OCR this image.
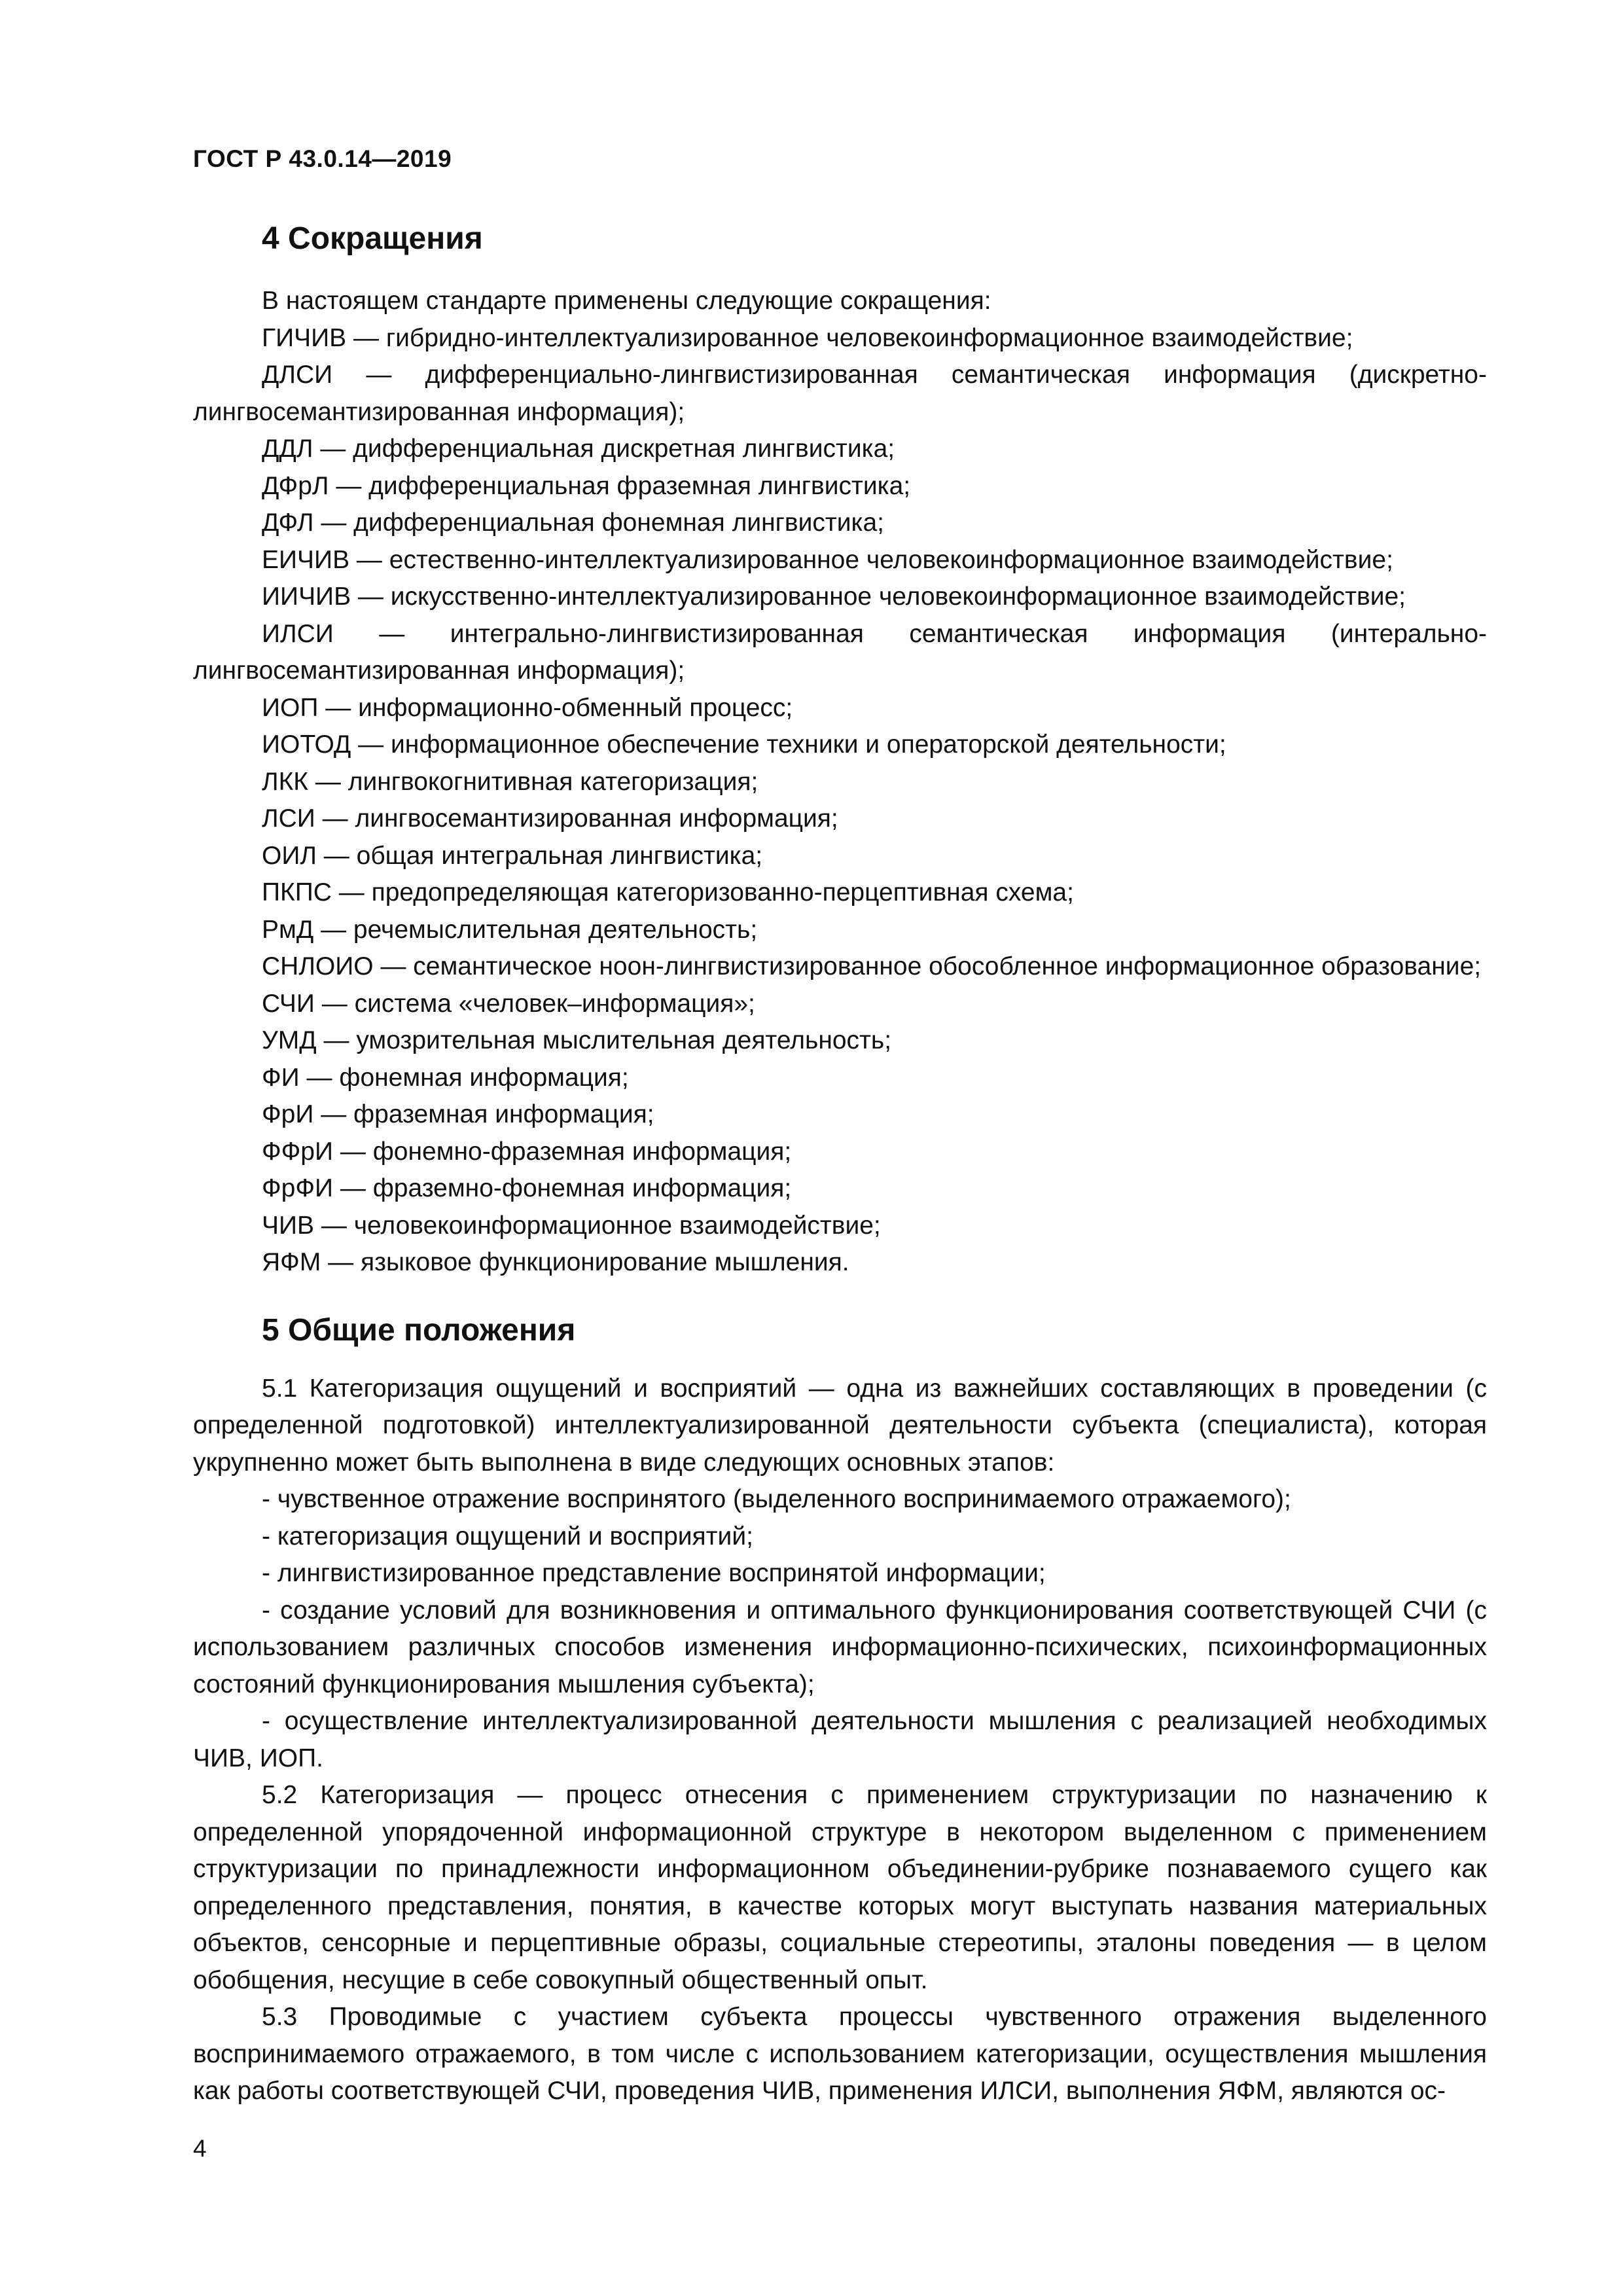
ГОСТ Р 43.0.14—2019
4 Сокращения

В настоящем стандарте применены следующие сокращения:

ГИЧИВ — гибридно-интеллектуализированное человекоинформационное взаимодействие;

ДЛСИ — дифференциально-лингвистизированная семантическая информация (дискретно-лингвосемантизированная информация);

ДДЛ — дифференциальная дискретная лингвистика;

ДФрЛ — дифференциальная фраземная лингвистика;

ДФЛ — дифференциальная фонемная лингвистика;

ЕИЧИВ — естественно-интеллектуализированное человекоинформационное взаимодействие;

ИИЧИВ — искусственно-интеллектуализированное человекоинформационное взаимодействие;

ИЛСИ — интегрально-лингвистизированная семантическая информация (интерально-лингвосемантизированная информация);

ИОП — информационно-обменный процесс;

ИОТОД — информационное обеспечение техники и операторской деятельности;

ЛКК — лингвокогнитивная категоризация;

ЛСИ — лингвосемантизированная информация;

ОИЛ — общая интегральная лингвистика;

ПКПС — предопределяющая категоризованно-перцептивная схема;

РмД — речемыслительная деятельность;

СНЛОИО — семантическое ноон-лингвистизированное обособленное информационное образование;

СЧИ — система «человек–информация»;

УМД — умозрительная мыслительная деятельность;

ФИ — фонемная информация;

ФрИ — фраземная информация;

ФФрИ — фонемно-фраземная информация;

ФрФИ — фраземно-фонемная информация;

ЧИВ — человекоинформационное взаимодействие;

ЯФМ — языковое функционирование мышления.

5 Общие положения

5.1 Категоризация ощущений и восприятий — одна из важнейших составляющих в проведении (с определенной подготовкой) интеллектуализированной деятельности субъекта (специалиста), которая укрупненно может быть выполнена в виде следующих основных этапов:

- чувственное отражение воспринятого (выделенного воспринимаемого отражаемого);

- категоризация ощущений и восприятий;

- лингвистизированное представление воспринятой информации;

- создание условий для возникновения и оптимального функционирования соответствующей СЧИ (с использованием различных способов изменения информационно-психических, психоинформационных состояний функционирования мышления субъекта);

- осуществление интеллектуализированной деятельности мышления с реализацией необходимых ЧИВ, ИОП.

5.2 Категоризация — процесс отнесения с применением структуризации по назначению к определенной упорядоченной информационной структуре в некотором выделенном с применением структуризации по принадлежности информационном объединении-рубрике познаваемого сущего как определенного представления, понятия, в качестве которых могут выступать названия материальных объектов, сенсорные и перцептивные образы, социальные стереотипы, эталоны поведения — в целом обобщения, несущие в себе совокупный общественный опыт.

5.3 Проводимые с участием субъекта процессы чувственного отражения выделенного воспринимаемого отражаемого, в том числе с использованием категоризации, осуществления мышления как работы соответствующей СЧИ, проведения ЧИВ, применения ИЛСИ, выполнения ЯФМ, являются ос-

4
